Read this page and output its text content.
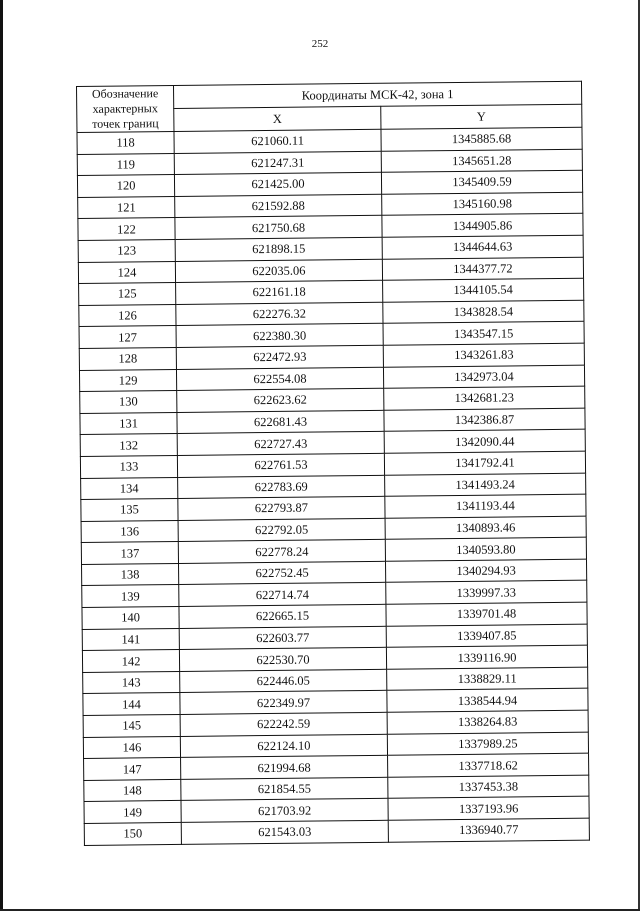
252
Обозначение характерных точек границ	Координаты МСК-42, зона 1	
	X	Y
118	621060.11	1345885.68
119	621247.31	1345651.28
120	621425.00	1345409.59
121	621592.88	1345160.98
122	621750.68	1344905.86
123	621898.15	1344644.63
124	622035.06	1344377.72
125	622161.18	1344105.54
126	622276.32	1343828.54
127	622380.30	1343547.15
128	622472.93	1343261.83
129	622554.08	1342973.04
130	622623.62	1342681.23
131	622681.43	1342386.87
132	622727.43	1342090.44
133	622761.53	1341792.41
134	622783.69	1341493.24
135	622793.87	1341193.44
136	622792.05	1340893.46
137	622778.24	1340593.80
138	622752.45	1340294.93
139	622714.74	1339997.33
140	622665.15	1339701.48
141	622603.77	1339407.85
142	622530.70	1339116.90
143	622446.05	1338829.11
144	622349.97	1338544.94
145	622242.59	1338264.83
146	622124.10	1337989.25
147	621994.68	1337718.62
148	621854.55	1337453.38
149	621703.92	1337193.96
150	621543.03	1336940.77
